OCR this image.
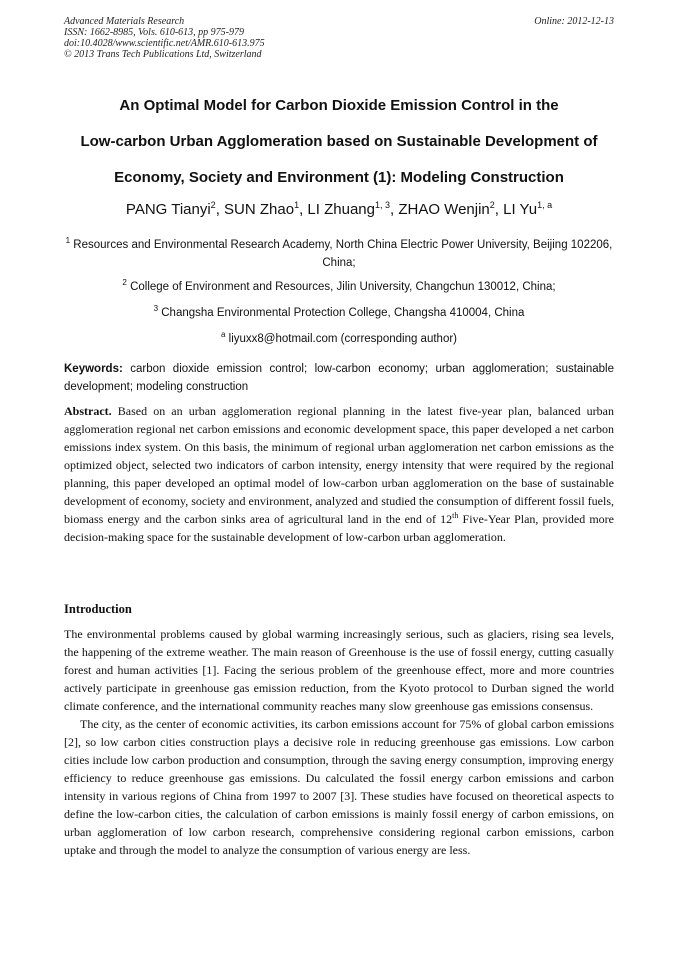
Advanced Materials Research
ISSN: 1662-8985, Vols. 610-613, pp 975-979
doi:10.4028/www.scientific.net/AMR.610-613.975
© 2013 Trans Tech Publications Ltd, Switzerland
Online: 2012-12-13
An Optimal Model for Carbon Dioxide Emission Control in the
Low-carbon Urban Agglomeration based on Sustainable Development of
Economy, Society and Environment (1): Modeling Construction
PANG Tianyi$^2$, SUN Zhao$^1$, LI Zhuang$^{1, 3}$, ZHAO Wenjin$^2$, LI Yu$^{1, a}$
$^1$ Resources and Environmental Research Academy, North China Electric Power University, Beijing 102206, China;
$^2$ College of Environment and Resources, Jilin University, Changchun 130012, China;
$^3$ Changsha Environmental Protection College, Changsha 410004, China
$^a$ liyuxx8@hotmail.com (corresponding author)
Keywords: carbon dioxide emission control; low-carbon economy; urban agglomeration; sustainable development; modeling construction
Abstract. Based on an urban agglomeration regional planning in the latest five-year plan, balanced urban agglomeration regional net carbon emissions and economic development space, this paper developed a net carbon emissions index system. On this basis, the minimum of regional urban agglomeration net carbon emissions as the optimized object, selected two indicators of carbon intensity, energy intensity that were required by the regional planning, this paper developed an optimal model of low-carbon urban agglomeration on the base of sustainable development of economy, society and environment, analyzed and studied the consumption of different fossil fuels, biomass energy and the carbon sinks area of agricultural land in the end of 12th Five-Year Plan, provided more decision-making space for the sustainable development of low-carbon urban agglomeration.
Introduction
The environmental problems caused by global warming increasingly serious, such as glaciers, rising sea levels, the happening of the extreme weather. The main reason of Greenhouse is the use of fossil energy, cutting casually forest and human activities [1]. Facing the serious problem of the greenhouse effect, more and more countries actively participate in greenhouse gas emission reduction, from the Kyoto protocol to Durban signed the world climate conference, and the international community reaches many slow greenhouse gas emissions consensus.
The city, as the center of economic activities, its carbon emissions account for 75% of global carbon emissions [2], so low carbon cities construction plays a decisive role in reducing greenhouse gas emissions. Low carbon cities include low carbon production and consumption, through the saving energy consumption, improving energy efficiency to reduce greenhouse gas emissions. Du calculated the fossil energy carbon emissions and carbon intensity in various regions of China from 1997 to 2007 [3]. These studies have focused on theoretical aspects to define the low-carbon cities, the calculation of carbon emissions is mainly fossil energy of carbon emissions, on urban agglomeration of low carbon research, comprehensive considering regional carbon emissions, carbon uptake and through the model to analyze the consumption of various energy are less.
